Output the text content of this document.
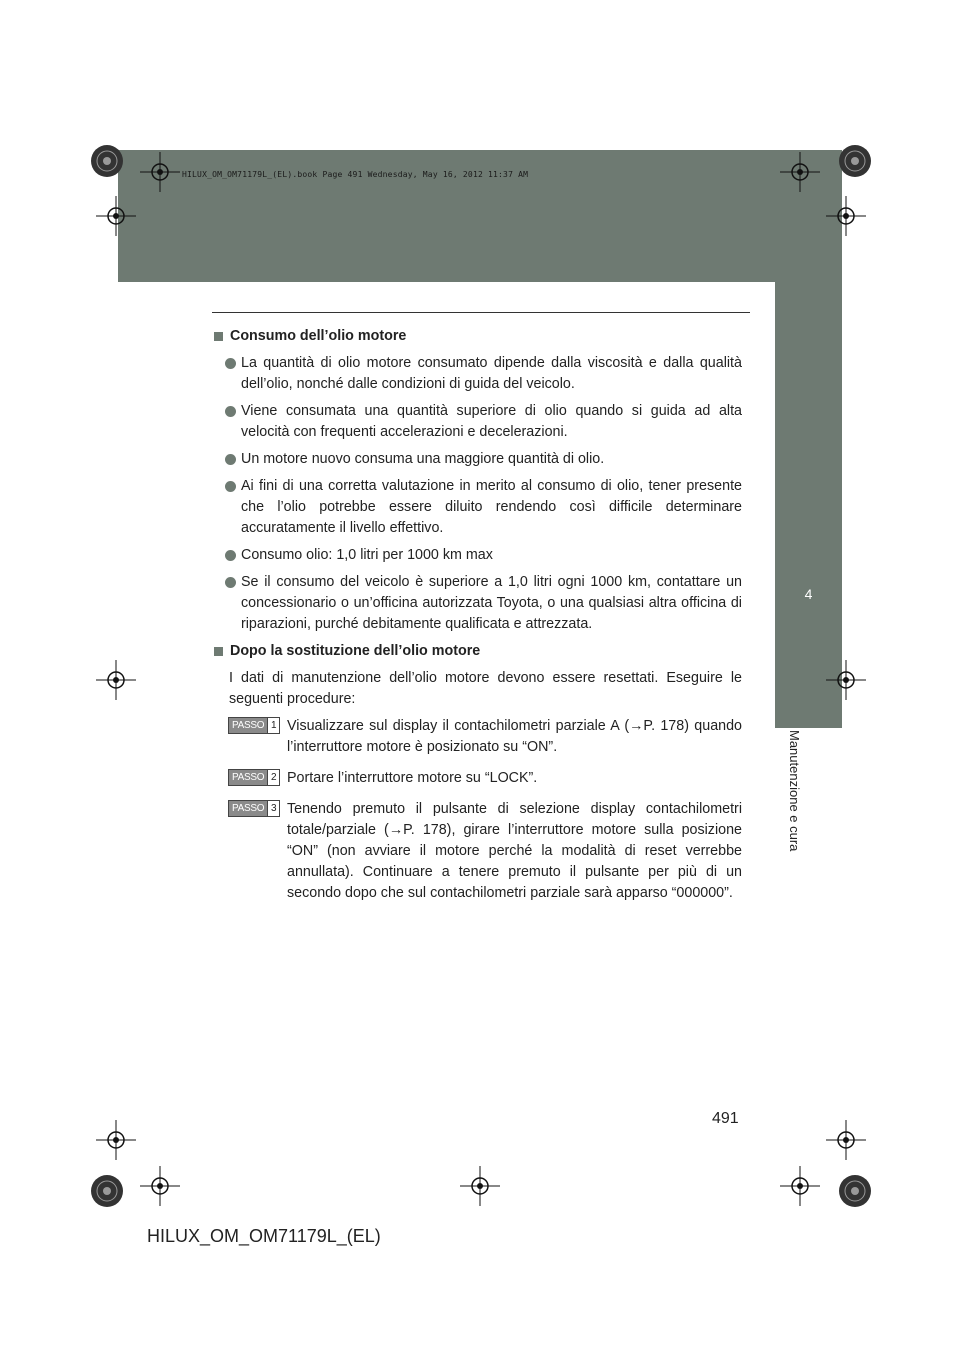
4-3. Manutenzione “fai da te”
HILUX_OM_OM71179L_(EL).book Page 491 Wednesday, May 16, 2012 11:37 AM
4
Manutenzione e cura
Consumo dell’olio motore
La quantità di olio motore consumato dipende dalla viscosità e dalla qualità dell’olio, nonché dalle condizioni di guida del veicolo.
Viene consumata una quantità superiore di olio quando si guida ad alta velocità con frequenti accelerazioni e decelerazioni.
Un motore nuovo consuma una maggiore quantità di olio.
Ai fini di una corretta valutazione in merito al consumo di olio, tener presente che l’olio potrebbe essere diluito rendendo così difficile determinare accuratamente il livello effettivo.
Consumo olio: 1,0 litri per 1000 km max
Se il consumo del veicolo è superiore a 1,0 litri ogni 1000 km, contattare un concessionario o un’officina autorizzata Toyota, o una qualsiasi altra officina di riparazioni, purché debitamente qualificata e attrezzata.
Dopo la sostituzione dell’olio motore

I dati di manutenzione dell’olio motore devono essere resettati. Eseguire le seguenti procedure:

PASSO 1 Visualizzare sul display il contachilometri parziale A (→P. 178) quando l’interruttore motore è posizionato su “ON”.
PASSO 2 Portare l’interruttore motore su “LOCK”.
PASSO 3 Tenendo premuto il pulsante di selezione display contachilometri totale/parziale (→P. 178), girare l’interruttore motore sulla posizione “ON” (non avviare il motore perché la modalità di reset verrebbe annullata). Continuare a tenere premuto il pulsante per più di un secondo dopo che sul contachilometri parziale sarà apparso “000000”.
491
HILUX_OM_OM71179L_(EL)
